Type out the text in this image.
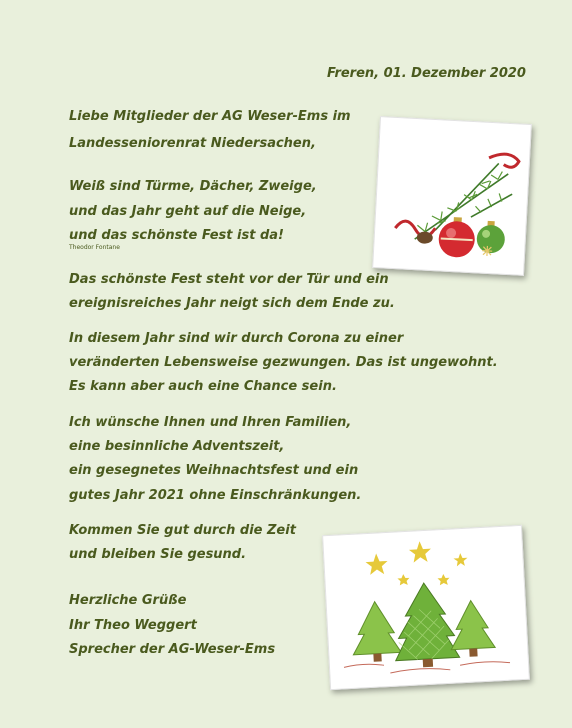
Freren, 01. Dezember 2020
Liebe Mitglieder der AG Weser-Ems im
Landesseniorenrat Niedersachen,
Weiß sind Türme, Dächer, Zweige,
und das Jahr geht auf die Neige,
und das schönste Fest ist da!
Theodor Fontane
Das schönste Fest steht vor der Tür und ein
ereignisreiches Jahr neigt sich dem Ende zu.
In diesem Jahr sind wir durch Corona zu einer
veränderten Lebensweise gezwungen. Das ist ungewohnt.
Es kann aber auch eine Chance sein.
Ich wünsche Ihnen und Ihren Familien,
eine besinnliche Adventszeit,
ein gesegnetes Weihnachtsfest und ein
gutes Jahr 2021 ohne Einschränkungen.
Kommen Sie gut durch die Zeit
und bleiben Sie gesund.
Herzliche Grüße
Ihr Theo Weggert
Sprecher der AG-Weser-Ems
